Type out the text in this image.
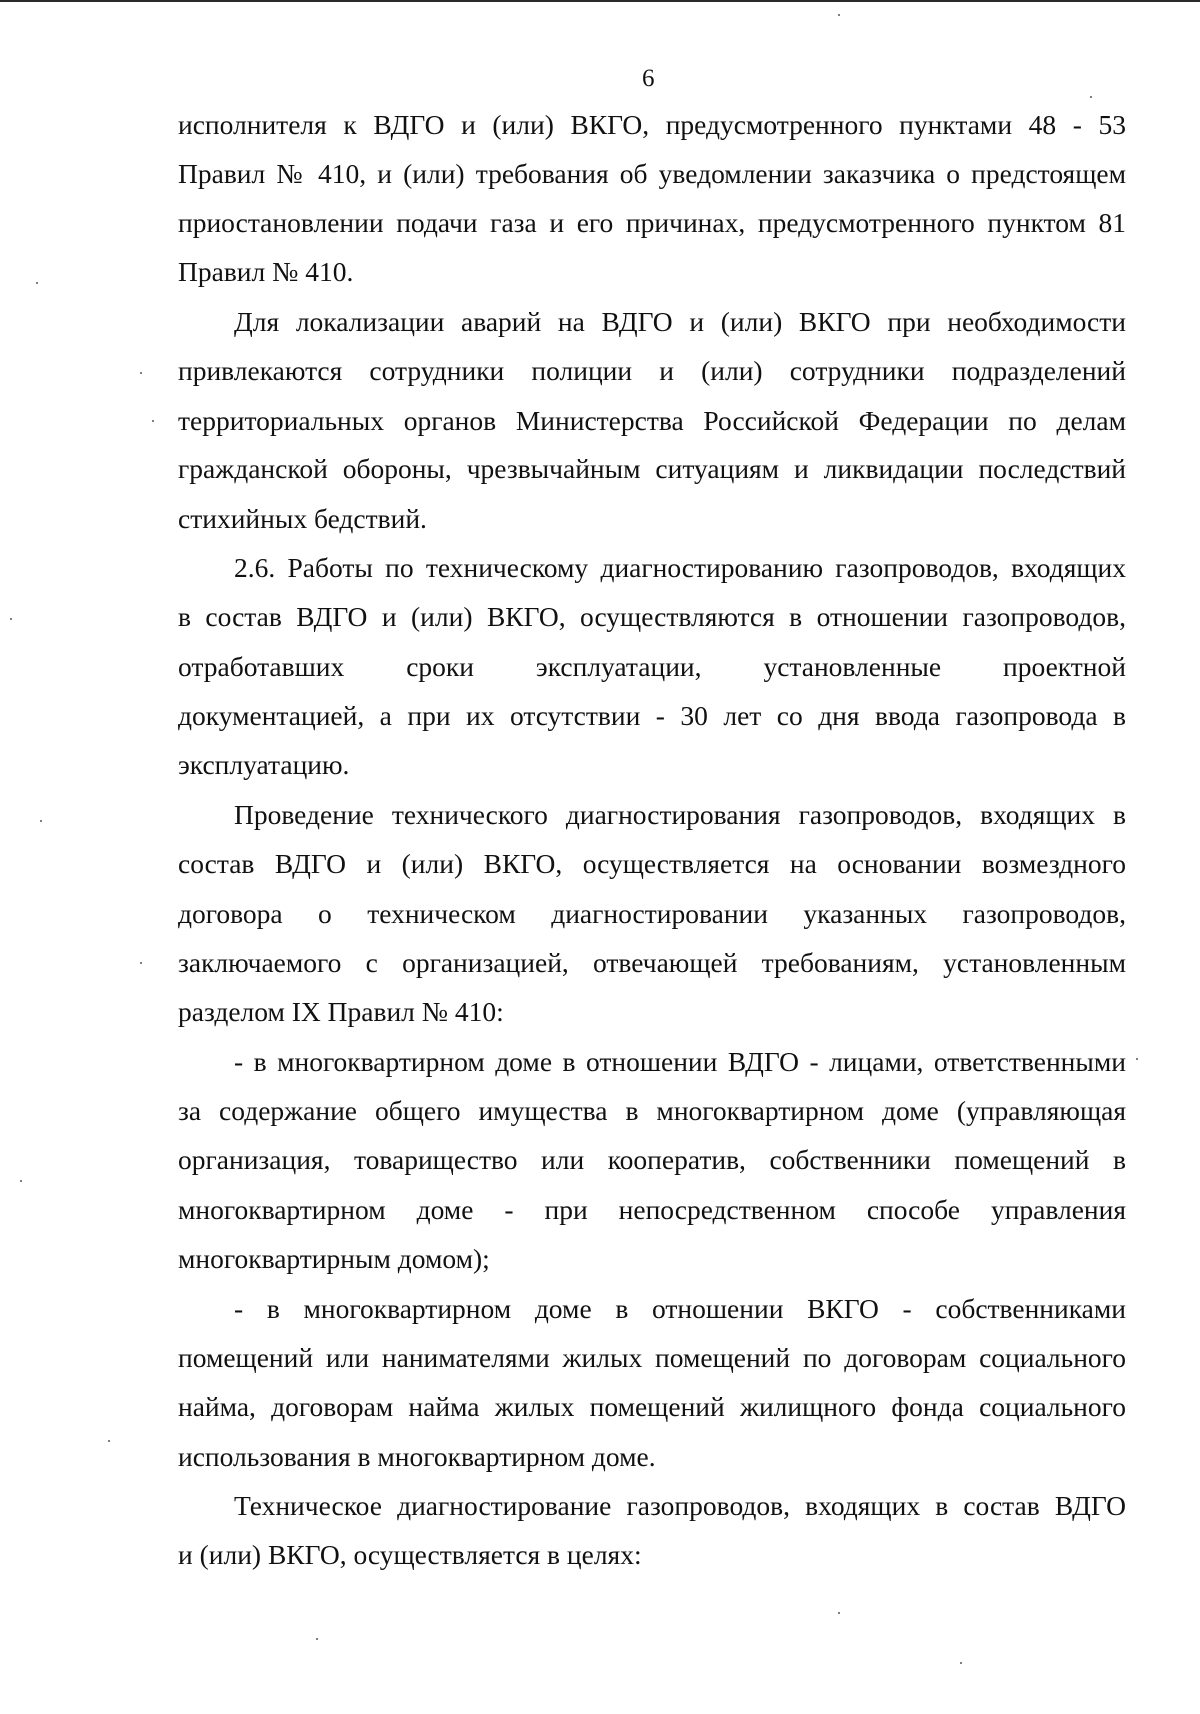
6
исполнителя к ВДГО и (или) ВКГО, предусмотренного пунктами 48 - 53
Правил № 410, и (или) требования об уведомлении заказчика о предстоящем
приостановлении подачи газа и его причинах, предусмотренного пунктом 81
Правил № 410.
Для локализации аварий на ВДГО и (или) ВКГО при необходимости
привлекаются сотрудники полиции и (или) сотрудники подразделений
территориальных органов Министерства Российской Федерации по делам
гражданской обороны, чрезвычайным ситуациям и ликвидации последствий
стихийных бедствий.
2.6. Работы по техническому диагностированию газопроводов, входящих
в состав ВДГО и (или) ВКГО, осуществляются в отношении газопроводов,
отработавших сроки эксплуатации, установленные проектной
документацией, а при их отсутствии - 30 лет со дня ввода газопровода в
эксплуатацию.
Проведение технического диагностирования газопроводов, входящих в
состав ВДГО и (или) ВКГО, осуществляется на основании возмездного
договора о техническом диагностировании указанных газопроводов,
заключаемого с организацией, отвечающей требованиям, установленным
разделом IX Правил № 410:
- в многоквартирном доме в отношении ВДГО - лицами, ответственными
за содержание общего имущества в многоквартирном доме (управляющая
организация, товарищество или кооператив, собственники помещений в
многоквартирном доме - при непосредственном способе управления
многоквартирным домом);
- в многоквартирном доме в отношении ВКГО - собственниками
помещений или нанимателями жилых помещений по договорам социального
найма, договорам найма жилых помещений жилищного фонда социального
использования в многоквартирном доме.
Техническое диагностирование газопроводов, входящих в состав ВДГО
и (или) ВКГО, осуществляется в целях:
